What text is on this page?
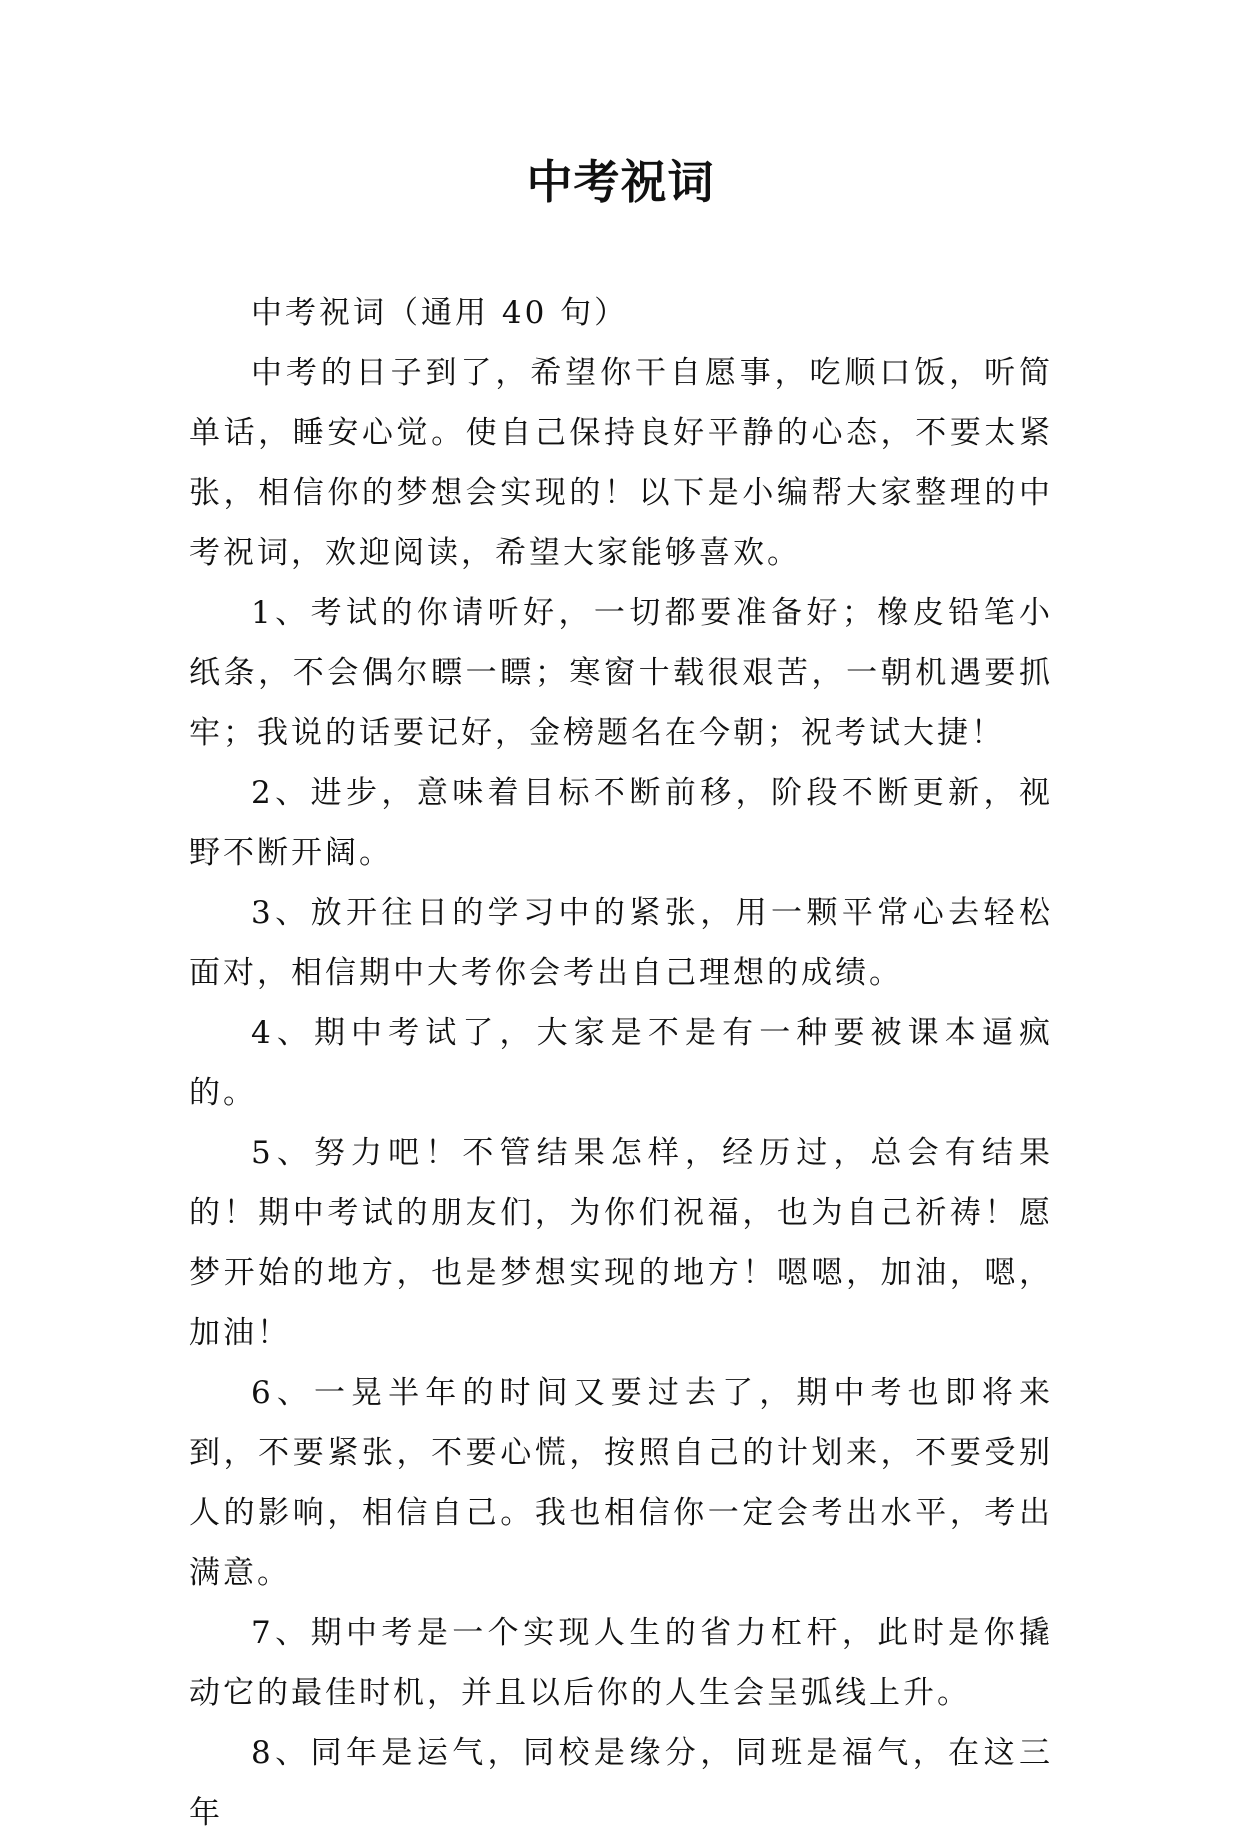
中考祝词

中考祝词（通用 40 句）

中考的日子到了，希望你干自愿事，吃顺口饭，听简单话，睡安心觉。使自己保持良好平静的心态，不要太紧张，相信你的梦想会实现的！以下是小编帮大家整理的中考祝词，欢迎阅读，希望大家能够喜欢。

1、考试的你请听好，一切都要准备好；橡皮铅笔小纸条，不会偶尔瞟一瞟；寒窗十载很艰苦，一朝机遇要抓牢；我说的话要记好，金榜题名在今朝；祝考试大捷！

2、进步，意味着目标不断前移，阶段不断更新，视野不断开阔。

3、放开往日的学习中的紧张，用一颗平常心去轻松面对，相信期中大考你会考出自己理想的成绩。

4、期中考试了，大家是不是有一种要被课本逼疯的。

5、努力吧！不管结果怎样，经历过，总会有结果的！期中考试的朋友们，为你们祝福，也为自己祈祷！愿梦开始的地方，也是梦想实现的地方！嗯嗯，加油，嗯，加油！

6、一晃半年的时间又要过去了，期中考也即将来到，不要紧张，不要心慌，按照自己的计划来，不要受别人的影响，相信自己。我也相信你一定会考出水平，考出满意。

7、期中考是一个实现人生的省力杠杆，此时是你撬动它的最佳时机，并且以后你的人生会呈弧线上升。

8、同年是运气，同校是缘分，同班是福气，在这三年
